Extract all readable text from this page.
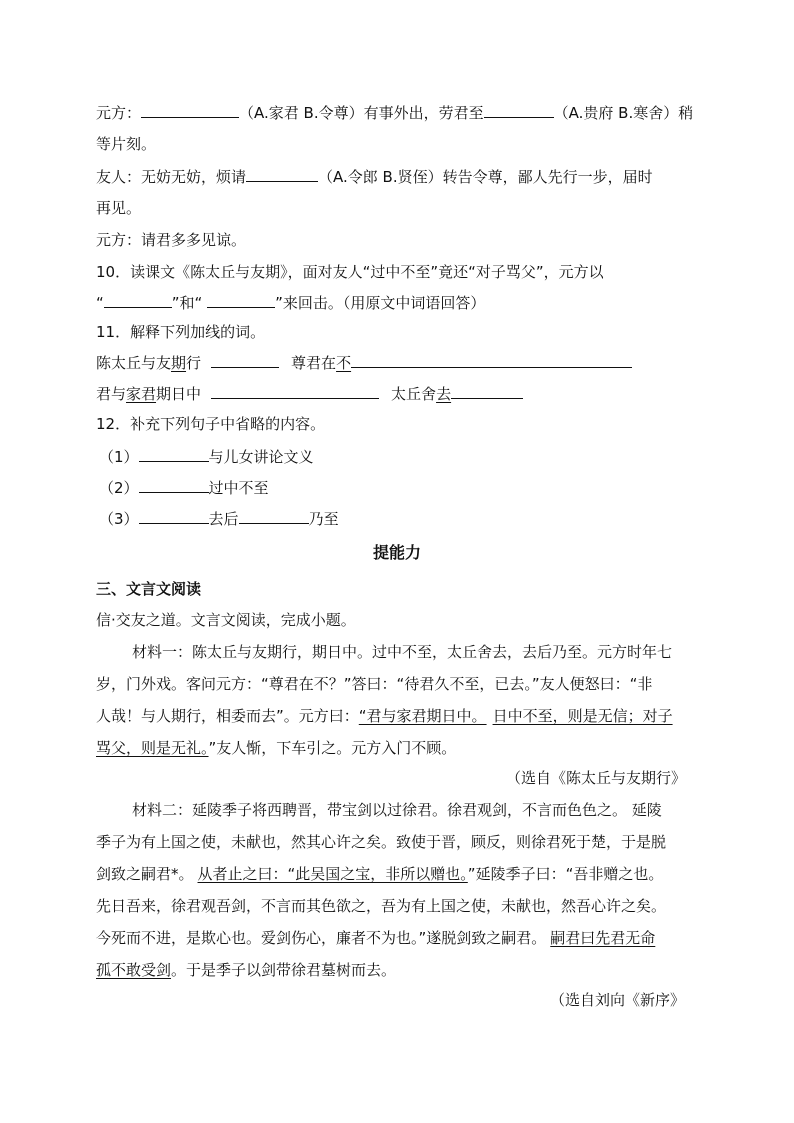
元方：	（A.家君 B.令尊）有事外出，劳君至	（A.贵府 B.寒舍）稍
等片刻。
友人：无妨无妨，烦请	（A.令郎 B.贤侄）转告令尊，鄙人先行一步，届时
再见。
元方：请君多多见谅。
10．读课文《陈太丘与友期》，面对友人“过中不至”竟还“对子骂父”，元方以
“	”和“	”来回击。（用原文中词语回答）
11．解释下列加线的词。
陈太丘与友期行	尊君在不
君与家君期日中	太丘舍去
12．补充下列句子中省略的内容。
（1）	与儿女讲论文义
（2）	过中不至
（3）	去后	乃至
提能力
三、文言文阅读
信·交友之道。文言文阅读，完成小题。
材料一：陈太丘与友期行，期日中。过中不至，太丘舍去，去后乃至。元方时年七
岁，门外戏。客问元方：“尊君在不？”答曰：“待君久不至，已去。”友人便怒曰：“非
人哉！与人期行，相委而去”。元方曰：“君与家君期日中。 日中不至，则是无信；对子
骂父，则是无礼。”友人惭，下车引之。元方入门不顾。
（选自《陈太丘与友期行》
材料二：延陵季子将西聘晋，带宝剑以过徐君。徐君观剑，不言而色色之。 延陵
季子为有上国之使，未献也，然其心许之矣。致使于晋，顾反，则徐君死于楚，于是脱
剑致之嗣君*。 从者止之曰：“此吴国之宝，非所以赠也。”延陵季子曰：“吾非赠之也。
先日吾来，徐君观吾剑，不言而其色欲之，吾为有上国之使，未献也，然吾心许之矣。
今死而不进，是欺心也。爱剑伤心，廉者不为也。”遂脱剑致之嗣君。 嗣君曰先君无命
孤不敢受剑。于是季子以剑带徐君墓树而去。
（选自刘向《新序》
